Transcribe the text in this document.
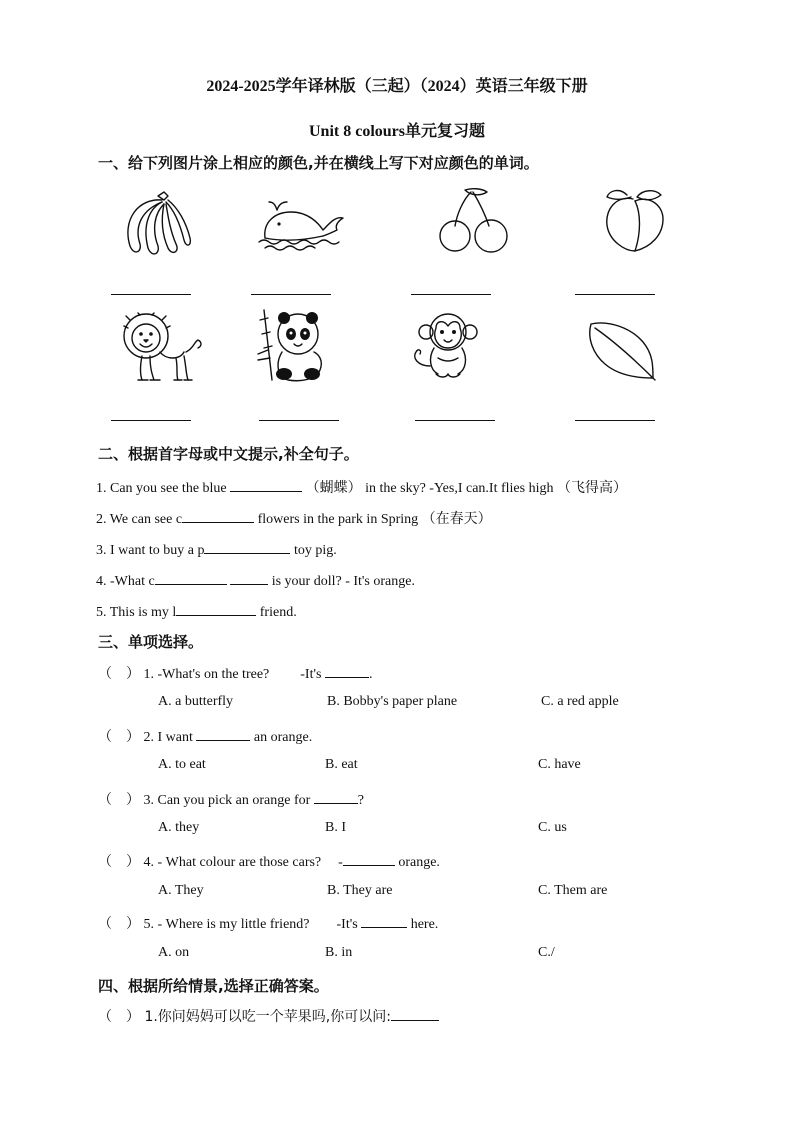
2024-2025学年译林版（三起）（2024）英语三年级下册
Unit 8 colours单元复习题
一、给下列图片涂上相应的颜色,并在横线上写下对应颜色的单词。
二、根据首字母或中文提示,补全句子。
1. Can you see the blue	（蝴蝶） in the sky? -Yes,I can.It flies high （飞得高）
2. We can see c	flowers in the park in Spring （在春天）
3. I want to buy a p	toy pig.
4. -What c	is your doll? - It's orange.
5. This is my l	friend.
三、单项选择。
（　） 1. -What's on the tree? -It's	.
A. a butterfly	B. Bobby's paper plane	C. a red apple
（　） 2. I want	an orange.
A. to eat	B. eat	C. have
（　） 3. Can you pick an orange for	?
A. they	B. I	C. us
（　） 4. - What colour are those cars? -	orange.
A. They	B. They are	C. Them are
（　） 5. - Where is my little friend? -It's	here.
A. on	B. in	C./
四、根据所给情景,选择正确答案。
（　） 1.你问妈妈可以吃一个苹果吗,你可以问:
